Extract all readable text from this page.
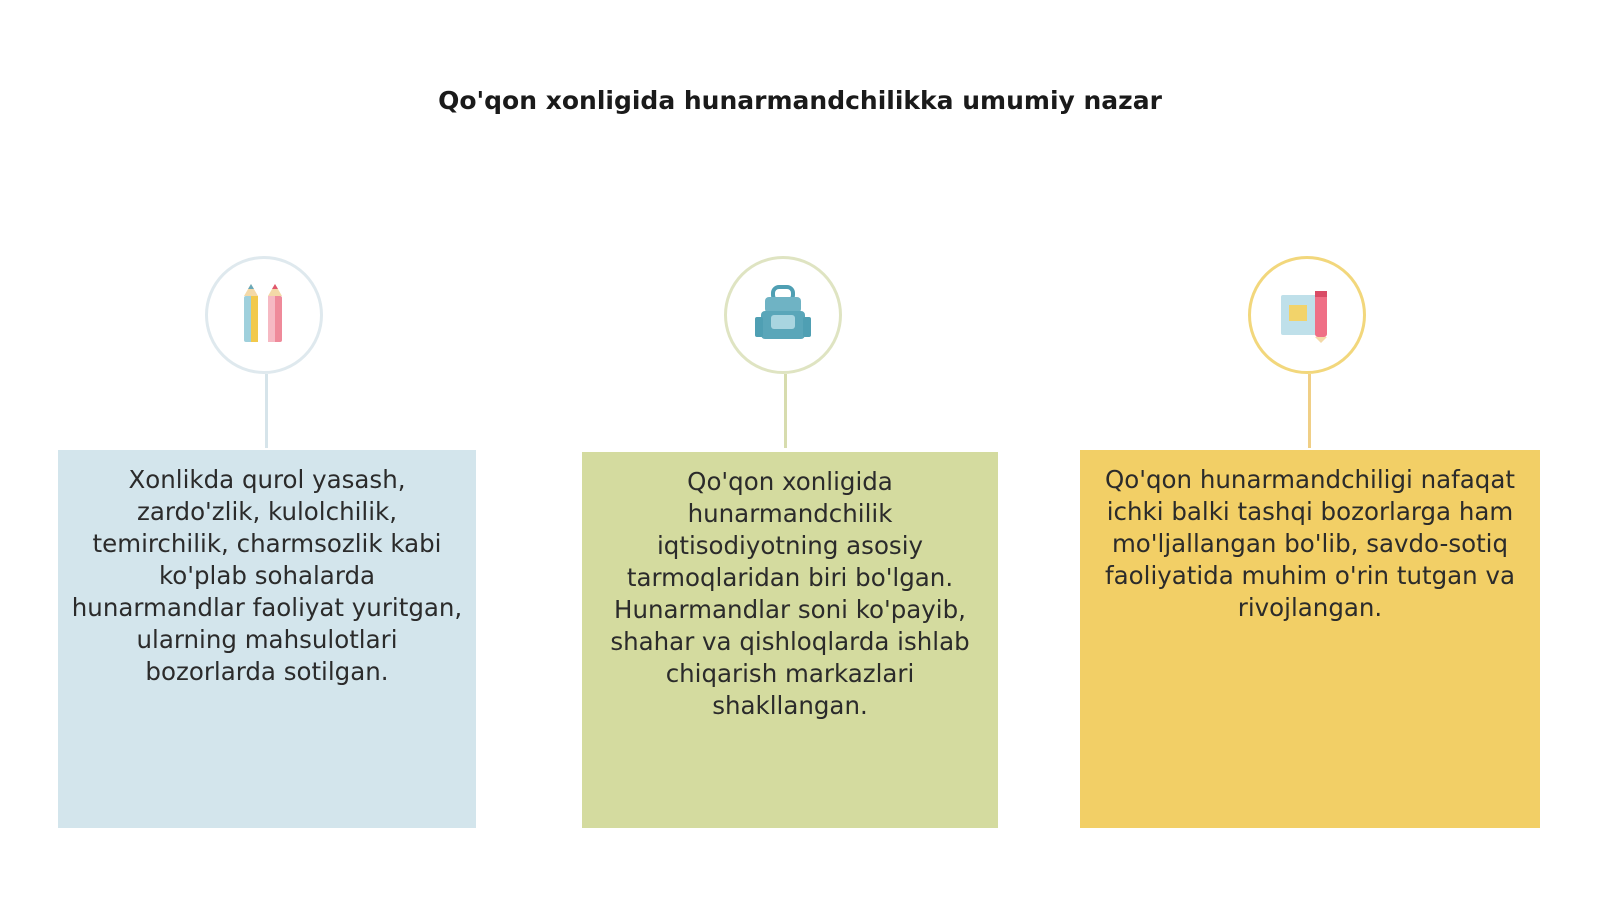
Qo'qon xonligida hunarmandchilikka umumiy nazar
Xonlikda qurol yasash, zardo'zlik, kulolchilik, temirchilik, charmsozlik kabi ko'plab sohalarda hunarmandlar faoliyat yuritgan, ularning mahsulotlari bozorlarda sotilgan.
Qo'qon xonligida hunarmandchilik iqtisodiyotning asosiy tarmoqlaridan biri bo'lgan. Hunarmandlar soni ko'payib, shahar va qishloqlarda ishlab chiqarish markazlari shakllangan.
Qo'qon hunarmandchiligi nafaqat ichki balki tashqi bozorlarga ham mo'ljallangan bo'lib, savdo-sotiq faoliyatida muhim o'rin tutgan va rivojlangan.
